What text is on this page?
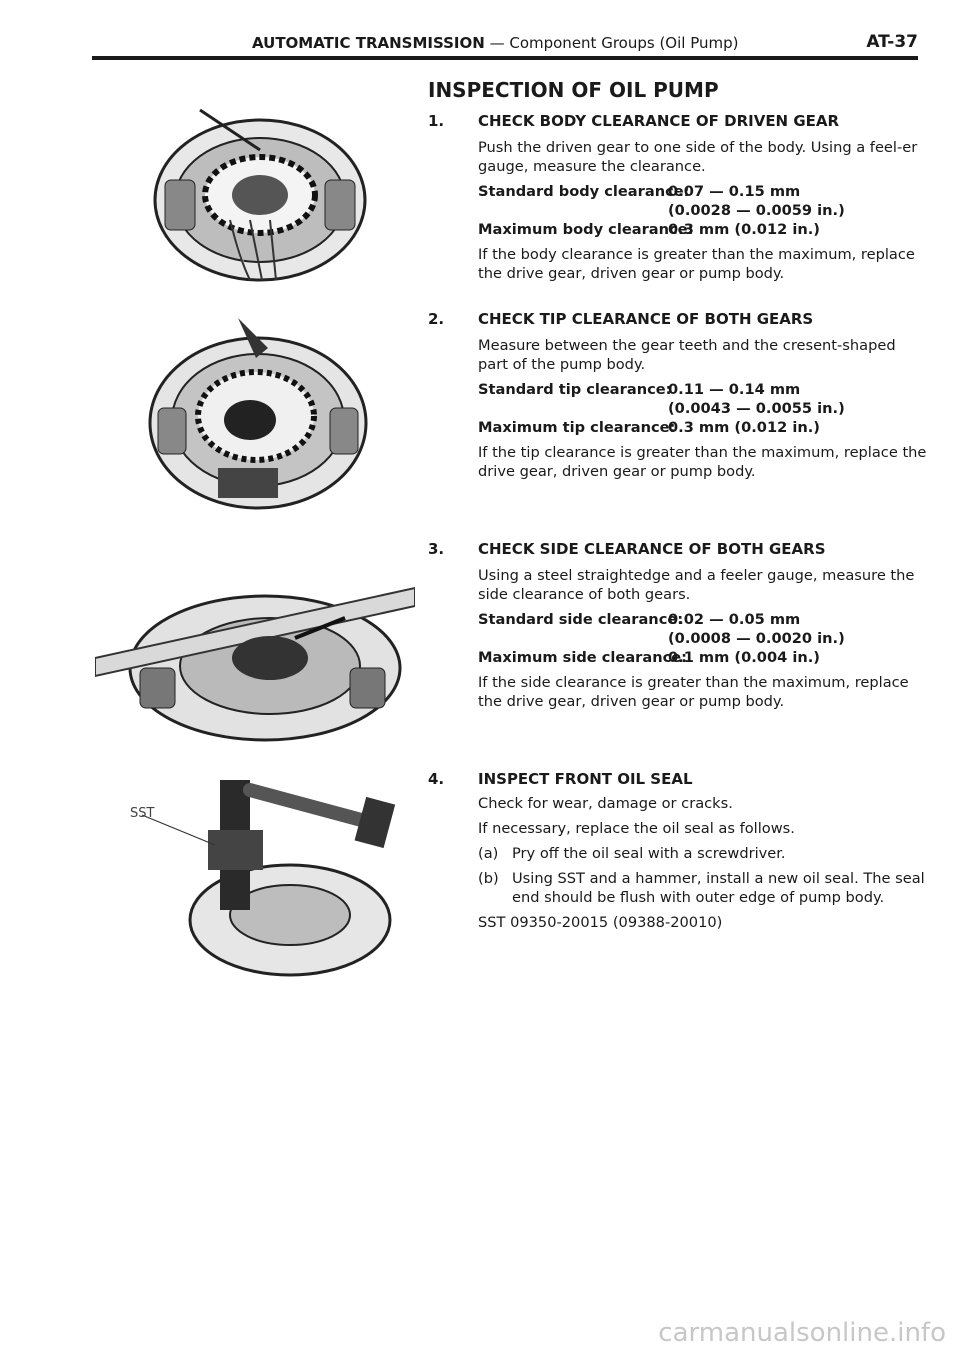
AUTOMATIC TRANSMISSION — Component Groups (Oil Pump)	AT-37
SST
INSPECTION OF OIL PUMP
1. CHECK BODY CLEARANCE OF DRIVEN GEAR

Push the driven gear to one side of the body. Using a feel-er gauge, measure the clearance.

Standard body clearance:
0.07 — 0.15 mm
(0.0028 — 0.0059 in.)
Maximum body clearance:
0.3 mm (0.012 in.)

If the body clearance is greater than the maximum, replace the drive gear, driven gear or pump body.

2. CHECK TIP CLEARANCE OF BOTH GEARS

Measure between the gear teeth and the cresent-shaped part of the pump body.

Standard tip clearance:
0.11 — 0.14 mm
(0.0043 — 0.0055 in.)
Maximum tip clearance:
0.3 mm (0.012 in.)

If the tip clearance is greater than the maximum, replace the drive gear, driven gear or pump body.

3. CHECK SIDE CLEARANCE OF BOTH GEARS

Using a steel straightedge and a feeler gauge, measure the side clearance of both gears.

Standard side clearance:
0.02 — 0.05 mm
(0.0008 — 0.0020 in.)
Maximum side clearance:
0.1 mm (0.004 in.)

If the side clearance is greater than the maximum, replace the drive gear, driven gear or pump body.

4. INSPECT FRONT OIL SEAL

Check for wear, damage or cracks.

If necessary, replace the oil seal as follows.

(a) Pry off the oil seal with a screwdriver.
(b) Using SST and a hammer, install a new oil seal. The seal end should be flush with outer edge of pump body.

SST 09350-20015 (09388-20010)

carmanualsonline.info
